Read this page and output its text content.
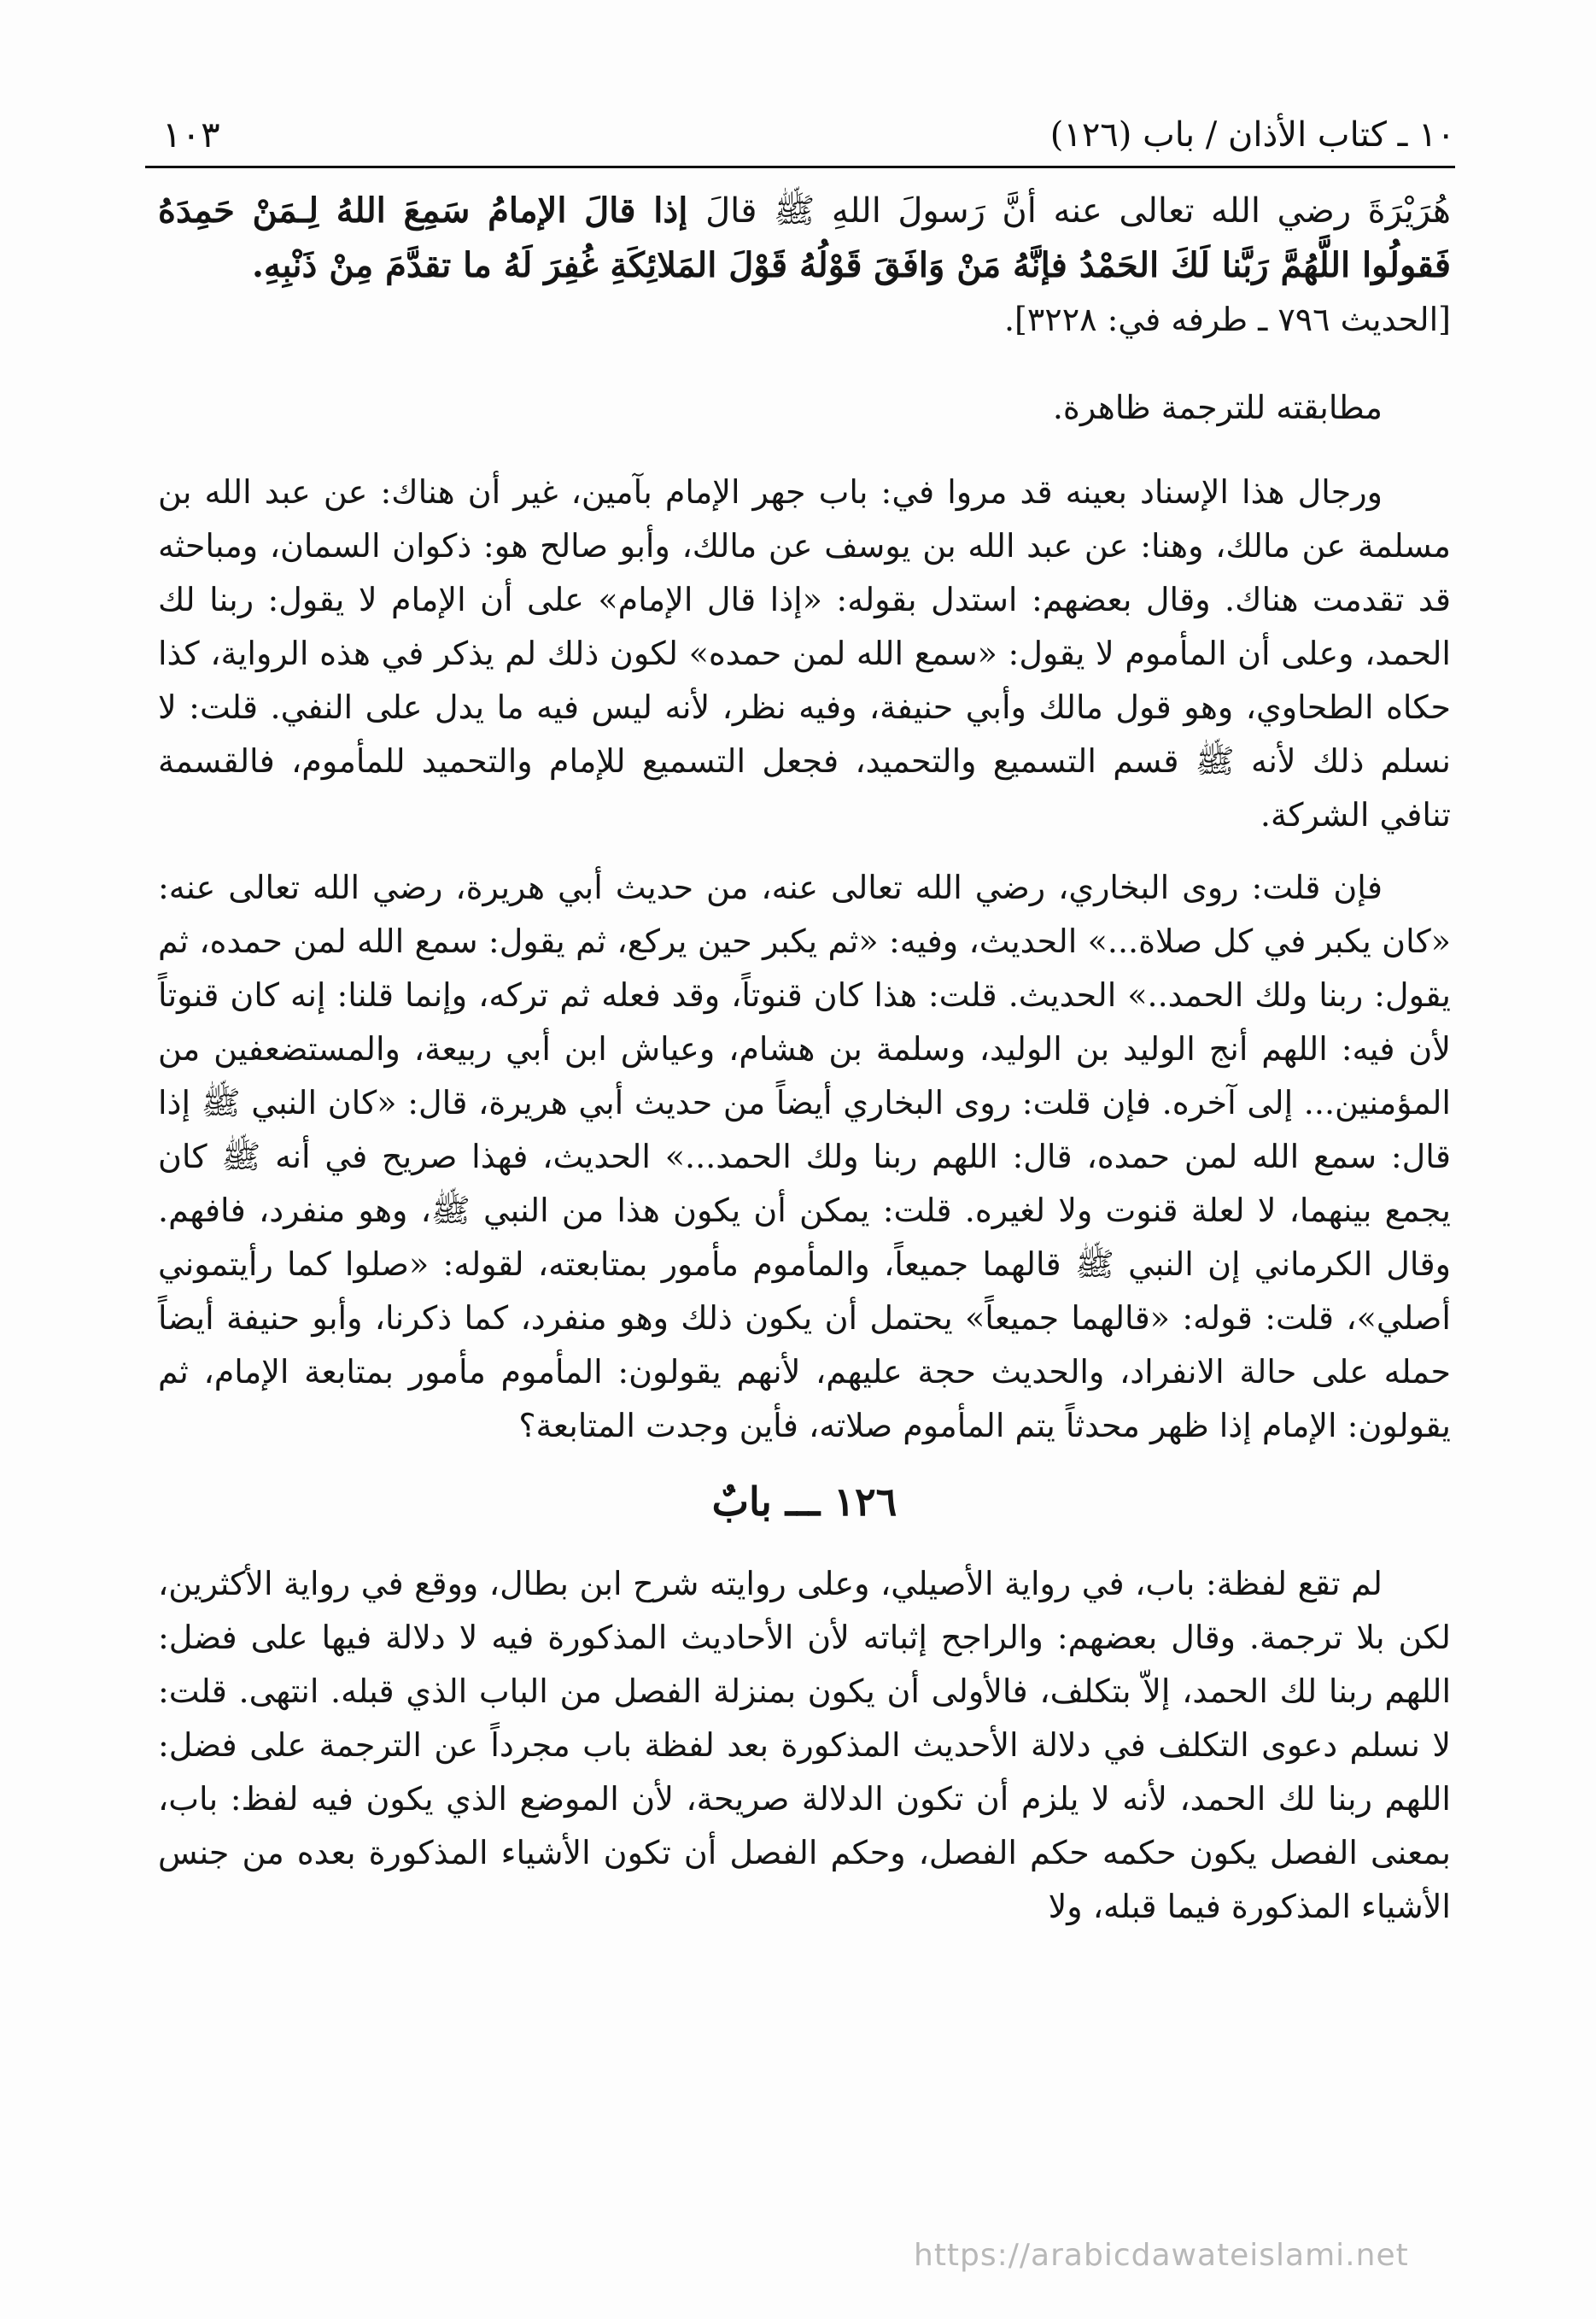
١٠ ـ كتاب الأذان / باب (١٢٦)
١٠٣

هُرَيْرَةَ رضي الله تعالى عنه أنَّ رَسولَ اللهِ ﷺ قالَ إذا قالَ الإمامُ سَمِعَ اللهُ لِـمَنْ حَمِدَهُ فَقولُوا اللَّهُمَّ رَبَّنا لَكَ الحَمْدُ فإنَّهُ مَنْ وَافَقَ قَوْلُهُ قَوْلَ المَلائِكَةِ غُفِرَ لَهُ ما تقدَّمَ مِنْ ذَنْبِهِ.

[الحديث ٧٩٦ ـ طرفه في: ٣٢٢٨].

مطابقته للترجمة ظاهرة.

ورجال هذا الإسناد بعينه قد مروا في: باب جهر الإمام بآمين، غير أن هناك: عن عبد الله بن مسلمة عن مالك، وهنا: عن عبد الله بن يوسف عن مالك، وأبو صالح هو: ذكوان السمان، ومباحثه قد تقدمت هناك. وقال بعضهم: استدل بقوله: «إذا قال الإمام» على أن الإمام لا يقول: ربنا لك الحمد، وعلى أن المأموم لا يقول: «سمع الله لمن حمده» لكون ذلك لم يذكر في هذه الرواية، كذا حكاه الطحاوي، وهو قول مالك وأبي حنيفة، وفيه نظر، لأنه ليس فيه ما يدل على النفي. قلت: لا نسلم ذلك لأنه ﷺ قسم التسميع والتحميد، فجعل التسميع للإمام والتحميد للمأموم، فالقسمة تنافي الشركة.

فإن قلت: روى البخاري، رضي الله تعالى عنه، من حديث أبي هريرة، رضي الله تعالى عنه: «كان يكبر في كل صلاة...» الحديث، وفيه: «ثم يكبر حين يركع، ثم يقول: سمع الله لمن حمده، ثم يقول: ربنا ولك الحمد..» الحديث. قلت: هذا كان قنوتاً، وقد فعله ثم تركه، وإنما قلنا: إنه كان قنوتاً لأن فيه: اللهم أنج الوليد بن الوليد، وسلمة بن هشام، وعياش ابن أبي ربيعة، والمستضعفين من المؤمنين... إلى آخره. فإن قلت: روى البخاري أيضاً من حديث أبي هريرة، قال: «كان النبي ﷺ إذا قال: سمع الله لمن حمده، قال: اللهم ربنا ولك الحمد...» الحديث، فهذا صريح في أنه ﷺ كان يجمع بينهما، لا لعلة قنوت ولا لغيره. قلت: يمكن أن يكون هذا من النبي ﷺ، وهو منفرد، فافهم. وقال الكرماني إن النبي ﷺ قالهما جميعاً، والمأموم مأمور بمتابعته، لقوله: «صلوا كما رأيتموني أصلي»، قلت: قوله: «قالهما جميعاً» يحتمل أن يكون ذلك وهو منفرد، كما ذكرنا، وأبو حنيفة أيضاً حمله على حالة الانفراد، والحديث حجة عليهم، لأنهم يقولون: المأموم مأمور بمتابعة الإمام، ثم يقولون: الإمام إذا ظهر محدثاً يتم المأموم صلاته، فأين وجدت المتابعة؟

١٢٦ ـــ بابٌ

لم تقع لفظة: باب، في رواية الأصيلي، وعلى روايته شرح ابن بطال، ووقع في رواية الأكثرين، لكن بلا ترجمة. وقال بعضهم: والراجح إثباته لأن الأحاديث المذكورة فيه لا دلالة فيها على فضل: اللهم ربنا لك الحمد، إلاّ بتكلف، فالأولى أن يكون بمنزلة الفصل من الباب الذي قبله. انتهى. قلت: لا نسلم دعوى التكلف في دلالة الأحديث المذكورة بعد لفظة باب مجرداً عن الترجمة على فضل: اللهم ربنا لك الحمد، لأنه لا يلزم أن تكون الدلالة صريحة، لأن الموضع الذي يكون فيه لفظ: باب، بمعنى الفصل يكون حكمه حكم الفصل، وحكم الفصل أن تكون الأشياء المذكورة بعده من جنس الأشياء المذكورة فيما قبله، ولا

https://arabicdawateislami.net
